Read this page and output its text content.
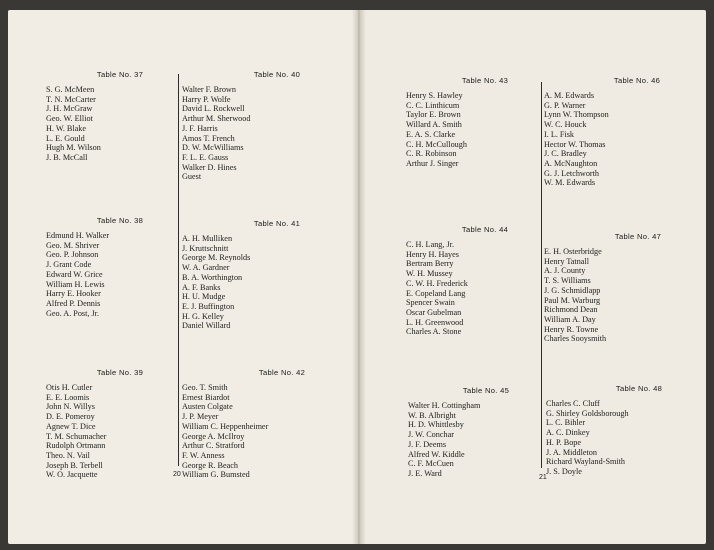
Table No. 37
S. G. McMeen
T. N. McCarter
J. H. McGraw
Geo. W. Elliot
H. W. Blake
L. E. Gould
Hugh M. Wilson
J. B. McCall
Table No. 40
Walter F. Brown
Harry P. Wolfe
David L. Rockwell
Arthur M. Sherwood
J. F. Harris
Amos T. French
D. W. McWilliams
F. L. E. Gauss
Walker D. Hines
Guest
Table No. 43
Henry S. Hawley
C. C. Linthicum
Taylor E. Brown
Willard A. Smith
E. A. S. Clarke
C. H. McCullough
C. R. Robinson
Arthur J. Singer
Table No. 46
A. M. Edwards
G. P. Warner
Lynn W. Thompson
W. C. Houck
I. L. Fisk
Hector W. Thomas
J. C. Bradley
A. McNaughton
G. J. Letchworth
W. M. Edwards
Table No. 38
Edmund H. Walker
Geo. M. Shriver
Geo. P. Johnson
J. Grant Code
Edward W. Grice
William H. Lewis
Harry E. Hooker
Alfred P. Dennis
Geo. A. Post, Jr.
Table No. 41
A. H. Mulliken
J. Kruttschnitt
George M. Reynolds
W. A. Gardner
B. A. Worthington
A. F. Banks
H. U. Mudge
E. J. Buffington
H. G. Kelley
Daniel Willard
Table No. 44
C. H. Lang, Jr.
Henry H. Hayes
Bertram Berry
W. H. Mussey
C. W. H. Frederick
E. Copeland Lang
Spencer Swain
Oscar Gubelman
L. H. Greenwood
Charles A. Stone
Table No. 47
E. H. Osterbridge
Henry Tatnall
A. J. County
T. S. Williams
J. G. Schmidlapp
Paul M. Warburg
Richmond Dean
William A. Day
Henry R. Towne
Charles Sooysmith
Table No. 39
Otis H. Cutler
E. E. Loomis
John N. Willys
D. E. Pomeroy
Agnew T. Dice
T. M. Schumacher
Rudolph Ortmann
Theo. N. Vail
Joseph B. Terbell
W. O. Jacquette
Table No. 42
Geo. T. Smith
Ernest Biardot
Austen Colgate
J. P. Meyer
William C. Heppenheimer
George A. McIlroy
Arthur C. Stratford
F. W. Anness
George R. Beach
William G. Bumsted
Table No. 45
Walter H. Cottingham
W. B. Albright
H. D. Whittlesby
J. W. Conchar
J. F. Deems
Alfred W. Kiddle
C. F. McCuen
J. E. Ward
Table No. 48
Charles C. Cluff
G. Shirley Goldsborough
L. C. Bihler
A. C. Dinkey
H. P. Bope
J. A. Middleton
Richard Wayland-Smith
J. S. Doyle
20	21
